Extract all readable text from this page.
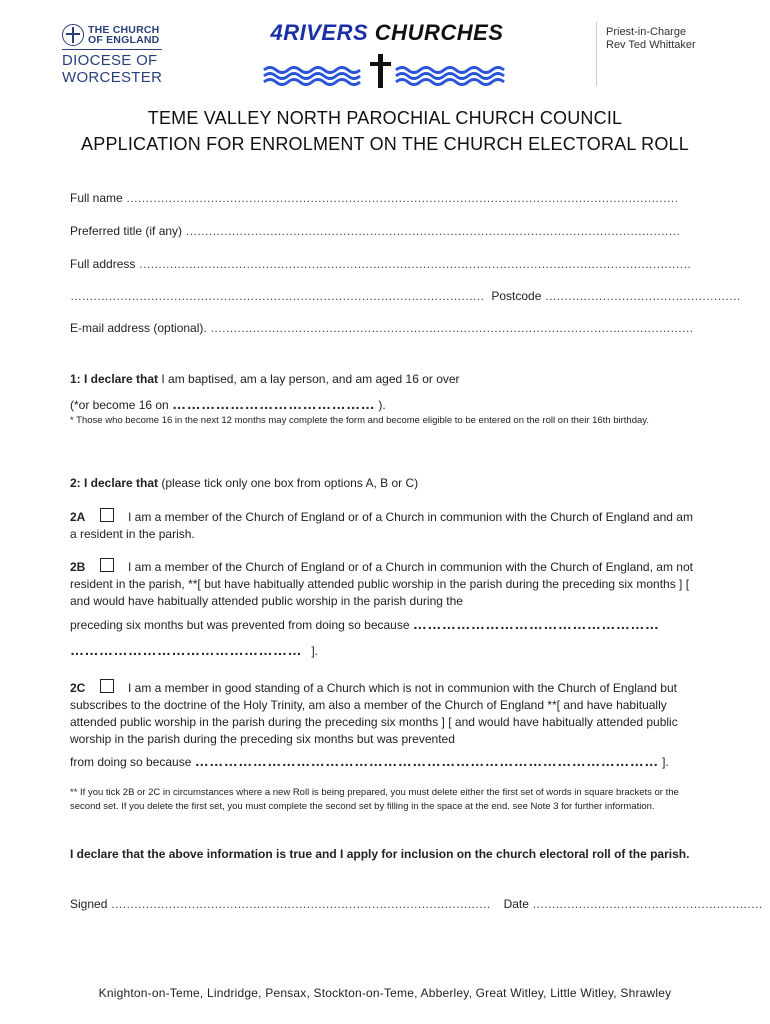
THE CHURCH
OF ENGLAND
DIOCESE OF
WORCESTER
4RIVERS CHURCHES	Priest-in-Charge
Rev Ted Whittaker
TEME VALLEY NORTH PAROCHIAL CHURCH COUNCIL
APPLICATION FOR ENROLMENT ON THE CHURCH ELECTORAL ROLL
Full name ………………………………………………………………………………………………………………………………
Preferred title (if any) …………………………………………………………………………………………………………………
Full address ………………………………………………………………………………………………………………………………
……………………………………………………………………………………………… Postcode ……………………………………………
E-mail address (optional). ………………………………………………………………………………………………………………
1: I declare that I am baptised, am a lay person, and am aged 16 or over
(*or become 16 on …………………………………… ).
* Those who become 16 in the next 12 months may complete the form and become eligible to be entered on the roll on their 16th birthday.
2: I declare that (please tick only one box from options A, B or C)
2A	I am a member of the Church of England or of a Church in communion with the Church of England and am a resident in the parish.
2B	I am a member of the Church of England or of a Church in communion with the Church of England, am not resident in the parish, **[ but have habitually attended public worship in the parish during the preceding six months ] [ and would have habitually attended public worship in the parish during the
preceding six months but was prevented from doing so because ……………………………………………
………………………………………… ].
2C	I am a member in good standing of a Church which is not in communion with the Church of England but subscribes to the doctrine of the Holy Trinity, am also a member of the Church of England **[ and have habitually attended public worship in the parish during the preceding six months ] [ and would have habitually attended public worship in the parish during the preceding six months but was prevented
from doing so because …………………………………………………………………………………… ].
** If you tick 2B or 2C in circumstances where a new Roll is being prepared, you must delete either the first set of words in square brackets or the second set. If you delete the first set, you must complete the second set by filling in the space at the end. see Note 3 for further information.
I declare that the above information is true and I apply for inclusion on the church electoral roll of the parish.
Signed ……………………………………………………………………………………… Date ……………………………………………………
Knighton-on-Teme, Lindridge, Pensax, Stockton-on-Teme, Abberley, Great Witley, Little Witley, Shrawley
